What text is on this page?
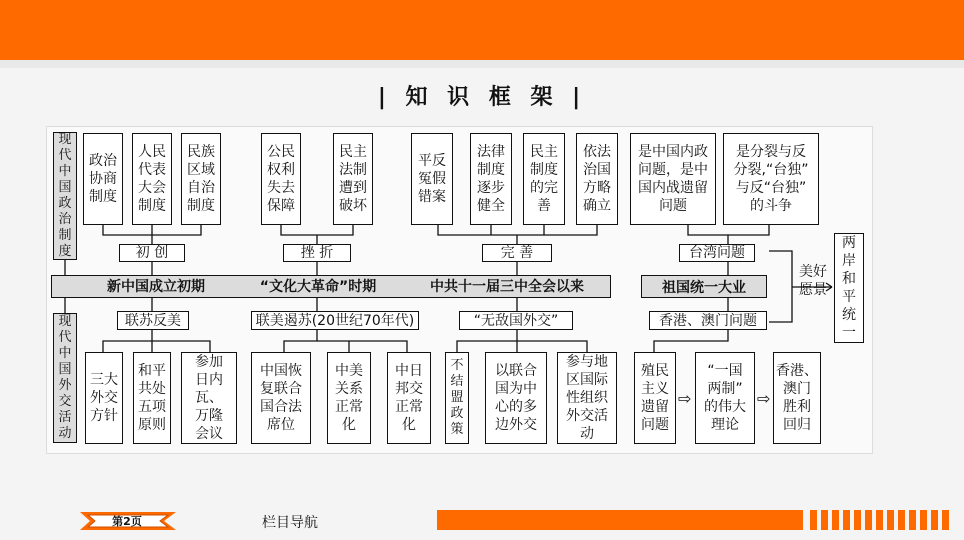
| 知 识 框 架 |
现代中国政治制度
现代中国外交活动
政治
协商
制度
人民
代表
大会
制度
民族
区域
自治
制度
公民
权利
失去
保障
民主
法制
遭到
破坏
平反
冤假
错案
法律
制度
逐步
健全
民主
制度
的完
善
依法
治国
方略
确立
是中国内政
问题，是中
国内战遗留
问题
是分裂与反
分裂,“台独”
与反“台独”
的斗争
初 创	挫 折	完 善	台湾问题
新中国成立初期	“文化大革命”时期	中共十一届三中全会以来	祖国统一大业
联苏反美	联美遏苏(20世纪70年代)	“无敌国外交”	香港、澳门问题
三大
外交
方针
和平
共处
五项
原则
参加
日内瓦、
万隆
会议
中国恢
复联合
国合法
席位
中美
关系
正常
化
中日
邦交
正常
化
不
结
盟
政
策
以联合
国为中
心的多
边外交
参与地
区国际
性组织
外交活
动
殖民
主义
遗留
问题
⇨
“一国
两制”
的伟大
理论
⇨
香港、
澳门
胜利
回归
美好
愿景
两
岸
和
平
统
一
第2页	栏目导航
